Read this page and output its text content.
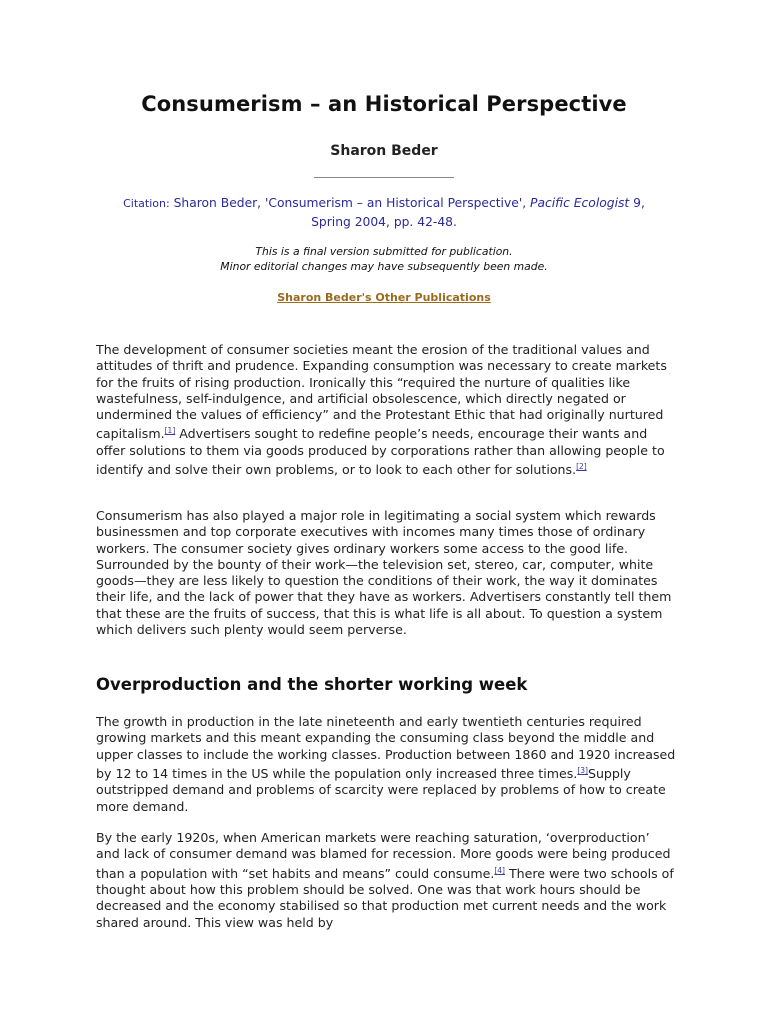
Consumerism – an Historical Perspective
Sharon Beder
Citation: Sharon Beder, 'Consumerism – an Historical Perspective', Pacific Ecologist 9,
Spring 2004, pp. 42-48.
This is a final version submitted for publication.
Minor editorial changes may have subsequently been made.
Sharon Beder's Other Publications

The development of consumer societies meant the erosion of the traditional values and attitudes of thrift and prudence. Expanding consumption was necessary to create markets for the fruits of rising production. Ironically this “required the nurture of qualities like wastefulness, self-indulgence, and artificial obsolescence, which directly negated or undermined the values of efficiency” and the Protestant Ethic that had originally nurtured capitalism.[1] Advertisers sought to redefine people’s needs, encourage their wants and offer solutions to them via goods produced by corporations rather than allowing people to identify and solve their own problems, or to look to each other for solutions.[2]

Consumerism has also played a major role in legitimating a social system which rewards businessmen and top corporate executives with incomes many times those of ordinary workers. The consumer society gives ordinary workers some access to the good life. Surrounded by the bounty of their work—the television set, stereo, car, computer, white goods—they are less likely to question the conditions of their work, the way it dominates their life, and the lack of power that they have as workers. Advertisers constantly tell them that these are the fruits of success, that this is what life is all about. To question a system which delivers such plenty would seem perverse.

Overproduction and the shorter working week

The growth in production in the late nineteenth and early twentieth centuries required growing markets and this meant expanding the consuming class beyond the middle and upper classes to include the working classes. Production between 1860 and 1920 increased by 12 to 14 times in the US while the population only increased three times.[3]Supply outstripped demand and problems of scarcity were replaced by problems of how to create more demand.

By the early 1920s, when American markets were reaching saturation, ‘overproduction’ and lack of consumer demand was blamed for recession. More goods were being produced than a population with “set habits and means” could consume.[4] There were two schools of thought about how this problem should be solved. One was that work hours should be decreased and the economy stabilised so that production met current needs and the work shared around. This view was held by
